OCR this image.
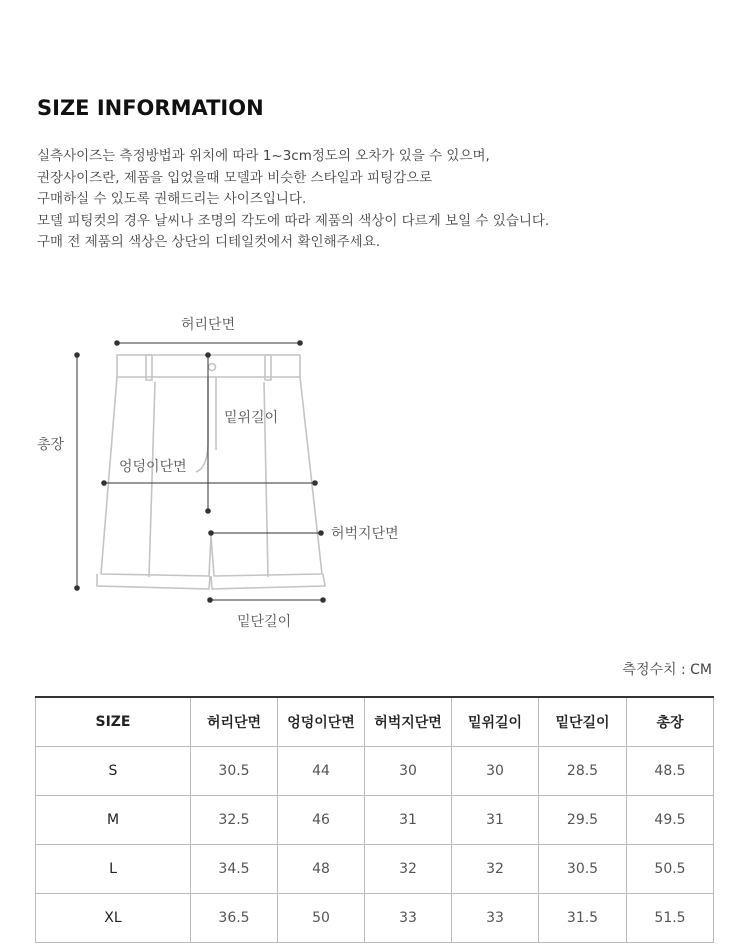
SIZE INFORMATION

실측사이즈는 측정방법과 위치에 따라 1~3cm정도의 오차가 있을 수 있으며,

권장사이즈란, 제품을 입었을때 모델과 비슷한 스타일과 피팅감으로

구매하실 수 있도록 권해드리는 사이즈입니다.

모델 피팅컷의 경우 날씨나 조명의 각도에 따라 제품의 색상이 다르게 보일 수 있습니다.

구매 전 제품의 색상은 상단의 디테일컷에서 확인해주세요.

허리단면
밑위길이
총장
엉덩이단면
허벅지단면
밑단길이
측정수치 : CM
SIZE	허리단면	엉덩이단면	허벅지단면	밑위길이	밑단길이	총장
S	30.5	44	30	30	28.5	48.5
M	32.5	46	31	31	29.5	49.5
L	34.5	48	32	32	30.5	50.5
XL	36.5	50	33	33	31.5	51.5
